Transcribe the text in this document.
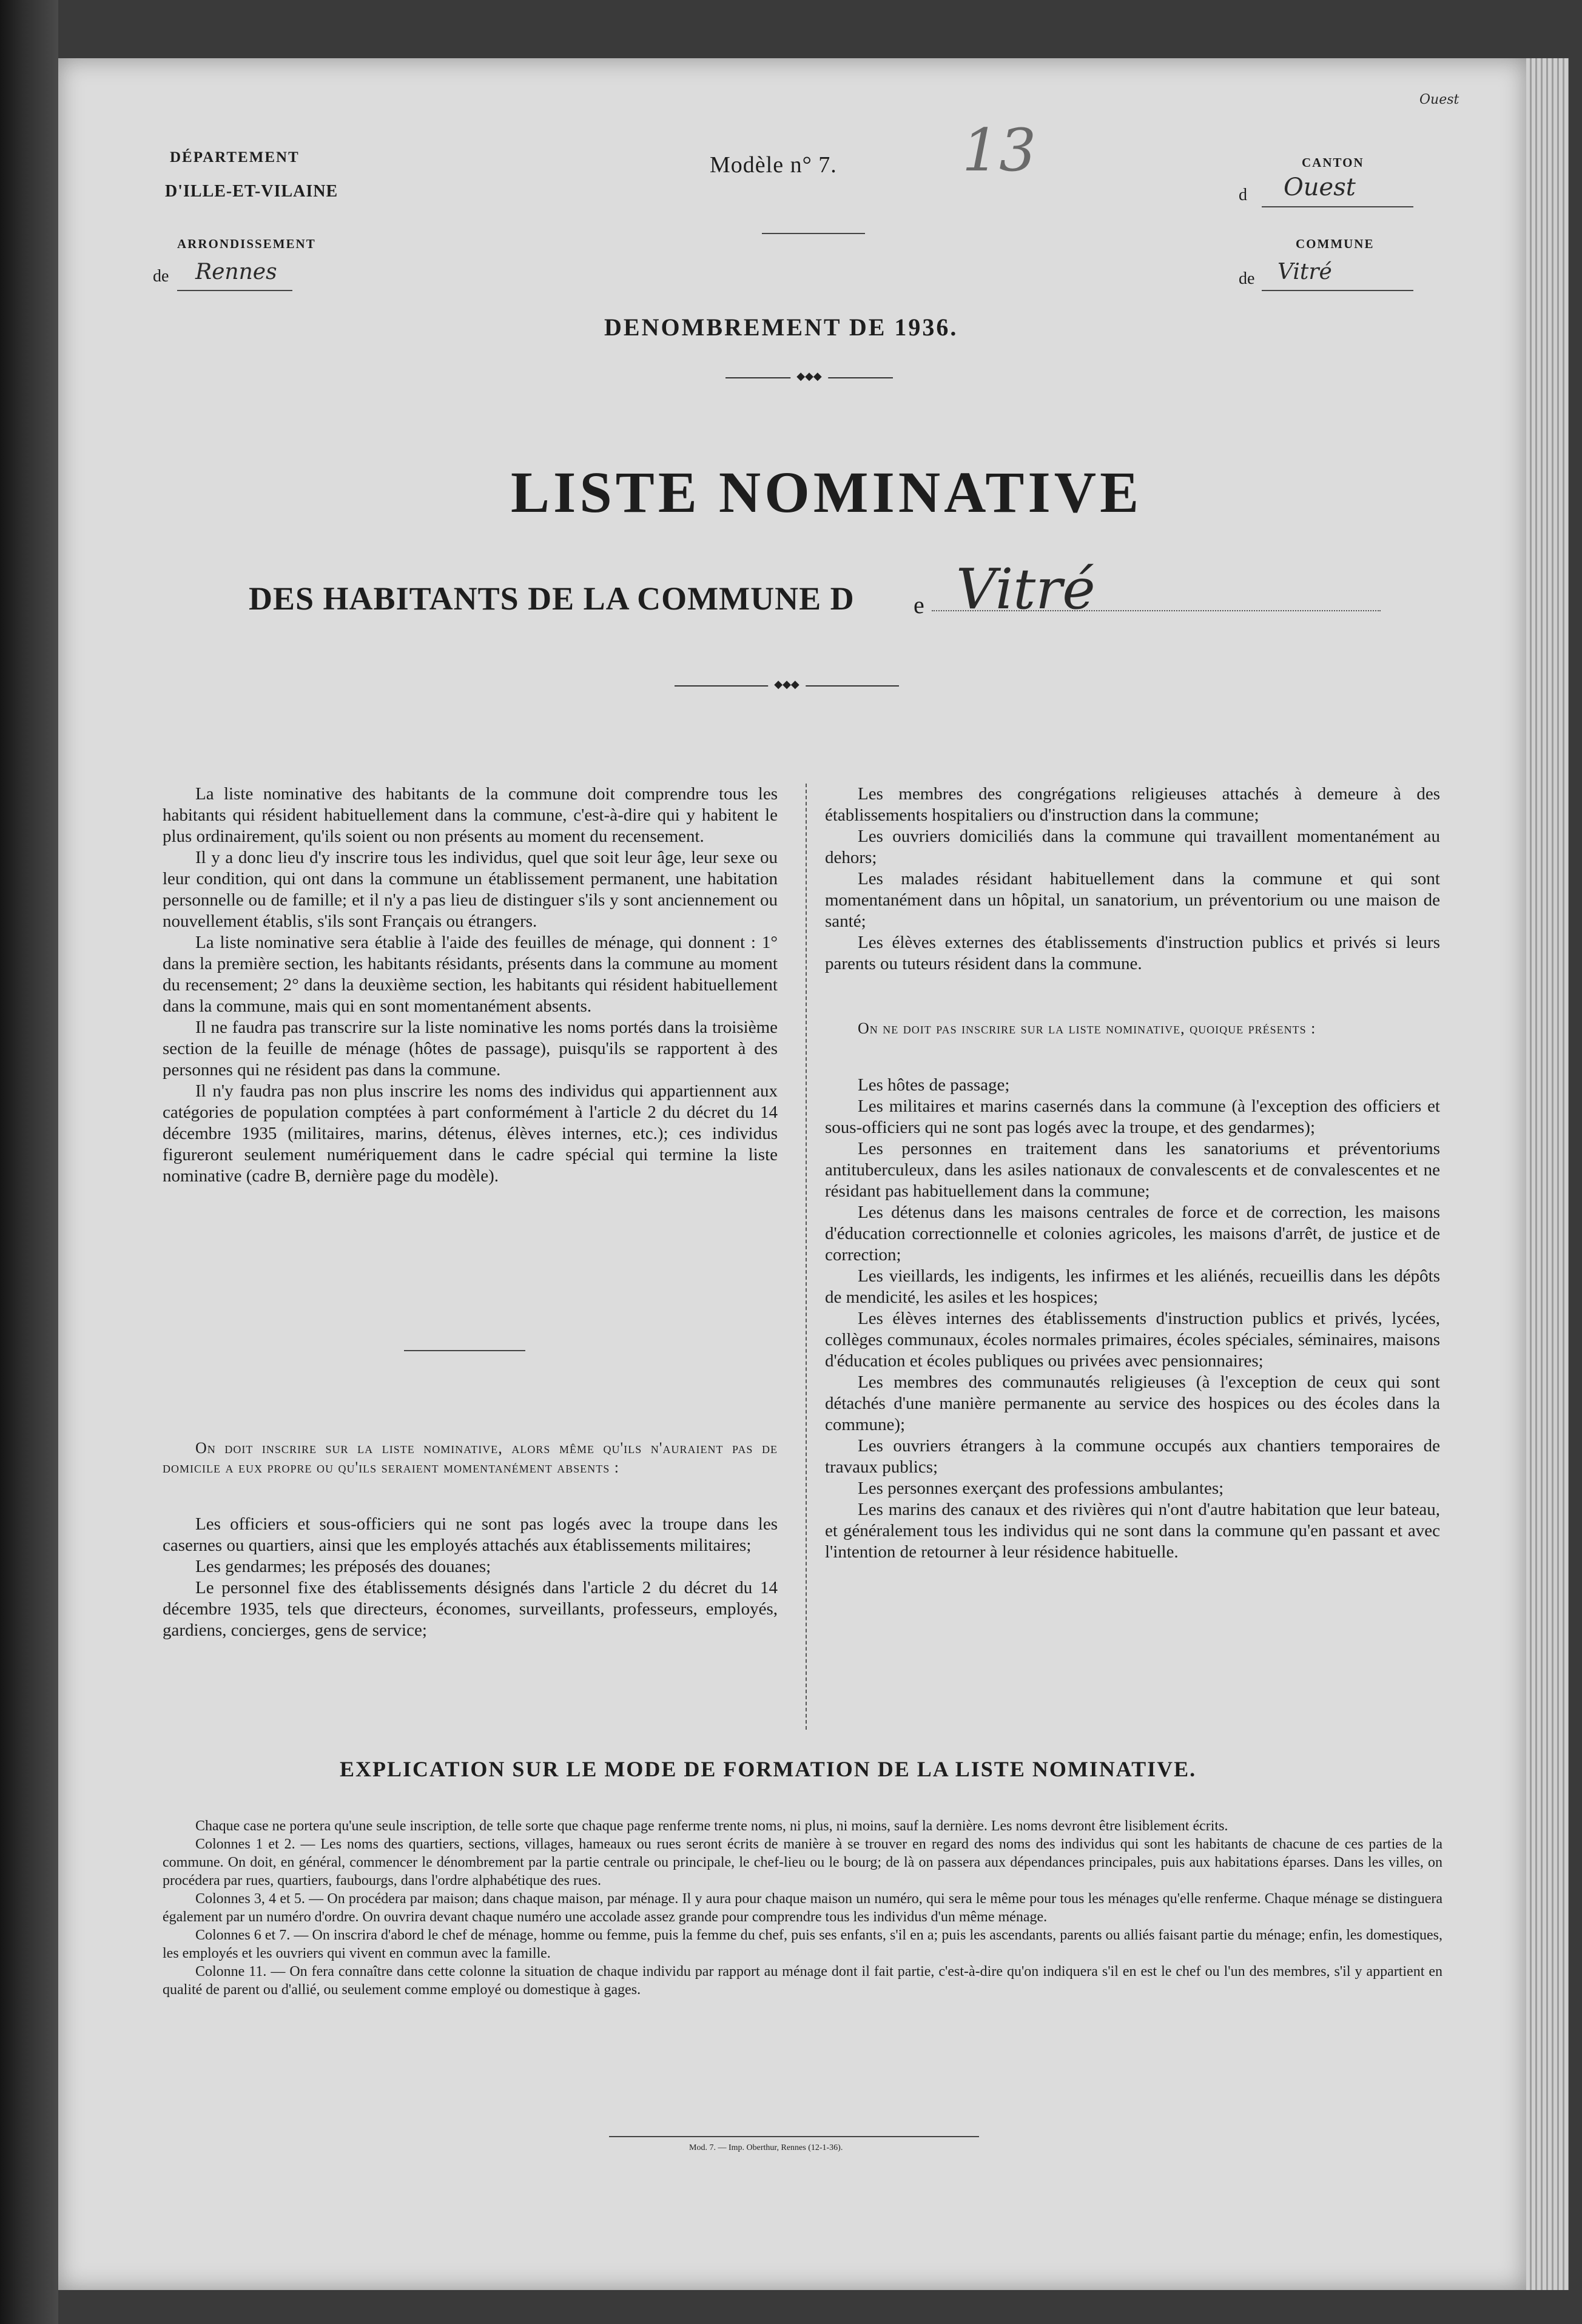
DÉPARTEMENT
D'ILLE-ET-VILAINE
ARRONDISSEMENT
de Rennes
Modèle n° 7. 13
DENOMBREMENT DE 1936.
◆◆◆
CANTON
d Ouest
COMMUNE
de Vitré
Ouest
LISTE NOMINATIVE
DES HABITANTS DE LA COMMUNE D e Vitré
◆◆◆

La liste nominative des habitants de la commune doit comprendre tous les habitants qui résident habituellement dans la commune, c'est-à-dire qui y habitent le plus ordinairement, qu'ils soient ou non présents au moment du recensement.

Il y a donc lieu d'y inscrire tous les individus, quel que soit leur âge, leur sexe ou leur condition, qui ont dans la commune un établissement permanent, une habitation personnelle ou de famille; et il n'y a pas lieu de distinguer s'ils y sont anciennement ou nouvellement établis, s'ils sont Français ou étrangers.

La liste nominative sera établie à l'aide des feuilles de ménage, qui donnent : 1° dans la première section, les habitants résidants, présents dans la commune au moment du recensement; 2° dans la deuxième section, les habitants qui résident habituellement dans la commune, mais qui en sont momentanément absents.

Il ne faudra pas transcrire sur la liste nominative les noms portés dans la troisième section de la feuille de ménage (hôtes de passage), puisqu'ils se rapportent à des personnes qui ne résident pas dans la commune.

Il n'y faudra pas non plus inscrire les noms des individus qui appartiennent aux catégories de population comptées à part conformément à l'article 2 du décret du 14 décembre 1935 (militaires, marins, détenus, élèves internes, etc.); ces individus figureront seulement numériquement dans le cadre spécial qui termine la liste nominative (cadre B, dernière page du modèle).

On doit inscrire sur la liste nominative, alors même qu'ils n'auraient pas de domicile a eux propre ou qu'ils seraient momentanément absents :

Les officiers et sous-officiers qui ne sont pas logés avec la troupe dans les casernes ou quartiers, ainsi que les employés attachés aux établissements militaires;

Les gendarmes; les préposés des douanes;

Le personnel fixe des établissements désignés dans l'article 2 du décret du 14 décembre 1935, tels que directeurs, économes, surveillants, professeurs, employés, gardiens, concierges, gens de service;

Les membres des congrégations religieuses attachés à demeure à des établissements hospitaliers ou d'instruction dans la commune;

Les ouvriers domiciliés dans la commune qui travaillent momentanément au dehors;

Les malades résidant habituellement dans la commune et qui sont momentanément dans un hôpital, un sanatorium, un préventorium ou une maison de santé;

Les élèves externes des établissements d'instruction publics et privés si leurs parents ou tuteurs résident dans la commune.

On ne doit pas inscrire sur la liste nominative, quoique présents :

Les hôtes de passage;

Les militaires et marins casernés dans la commune (à l'exception des officiers et sous-officiers qui ne sont pas logés avec la troupe, et des gendarmes);

Les personnes en traitement dans les sanatoriums et préventoriums antituberculeux, dans les asiles nationaux de convalescents et de convalescentes et ne résidant pas habituellement dans la commune;

Les détenus dans les maisons centrales de force et de correction, les maisons d'éducation correctionnelle et colonies agricoles, les maisons d'arrêt, de justice et de correction;

Les vieillards, les indigents, les infirmes et les aliénés, recueillis dans les dépôts de mendicité, les asiles et les hospices;

Les élèves internes des établissements d'instruction publics et privés, lycées, collèges communaux, écoles normales primaires, écoles spéciales, séminaires, maisons d'éducation et écoles publiques ou privées avec pensionnaires;

Les membres des communautés religieuses (à l'exception de ceux qui sont détachés d'une manière permanente au service des hospices ou des écoles dans la commune);

Les ouvriers étrangers à la commune occupés aux chantiers temporaires de travaux publics;

Les personnes exerçant des professions ambulantes;

Les marins des canaux et des rivières qui n'ont d'autre habitation que leur bateau, et généralement tous les individus qui ne sont dans la commune qu'en passant et avec l'intention de retourner à leur résidence habituelle.

EXPLICATION SUR LE MODE DE FORMATION DE LA LISTE NOMINATIVE.

Chaque case ne portera qu'une seule inscription, de telle sorte que chaque page renferme trente noms, ni plus, ni moins, sauf la dernière. Les noms devront être lisiblement écrits.

Colonnes 1 et 2. — Les noms des quartiers, sections, villages, hameaux ou rues seront écrits de manière à se trouver en regard des noms des individus qui sont les habitants de chacune de ces parties de la commune. On doit, en général, commencer le dénombrement par la partie centrale ou principale, le chef-lieu ou le bourg; de là on passera aux dépendances principales, puis aux habitations éparses. Dans les villes, on procédera par rues, quartiers, faubourgs, dans l'ordre alphabétique des rues.

Colonnes 3, 4 et 5. — On procédera par maison; dans chaque maison, par ménage. Il y aura pour chaque maison un numéro, qui sera le même pour tous les ménages qu'elle renferme. Chaque ménage se distinguera également par un numéro d'ordre. On ouvrira devant chaque numéro une accolade assez grande pour comprendre tous les individus d'un même ménage.

Colonnes 6 et 7. — On inscrira d'abord le chef de ménage, homme ou femme, puis la femme du chef, puis ses enfants, s'il en a; puis les ascendants, parents ou alliés faisant partie du ménage; enfin, les domestiques, les employés et les ouvriers qui vivent en commun avec la famille.

Colonne 11. — On fera connaître dans cette colonne la situation de chaque individu par rapport au ménage dont il fait partie, c'est-à-dire qu'on indiquera s'il en est le chef ou l'un des membres, s'il y appartient en qualité de parent ou d'allié, ou seulement comme employé ou domestique à gages.

Mod. 7. — Imp. Oberthur, Rennes (12-1-36).
